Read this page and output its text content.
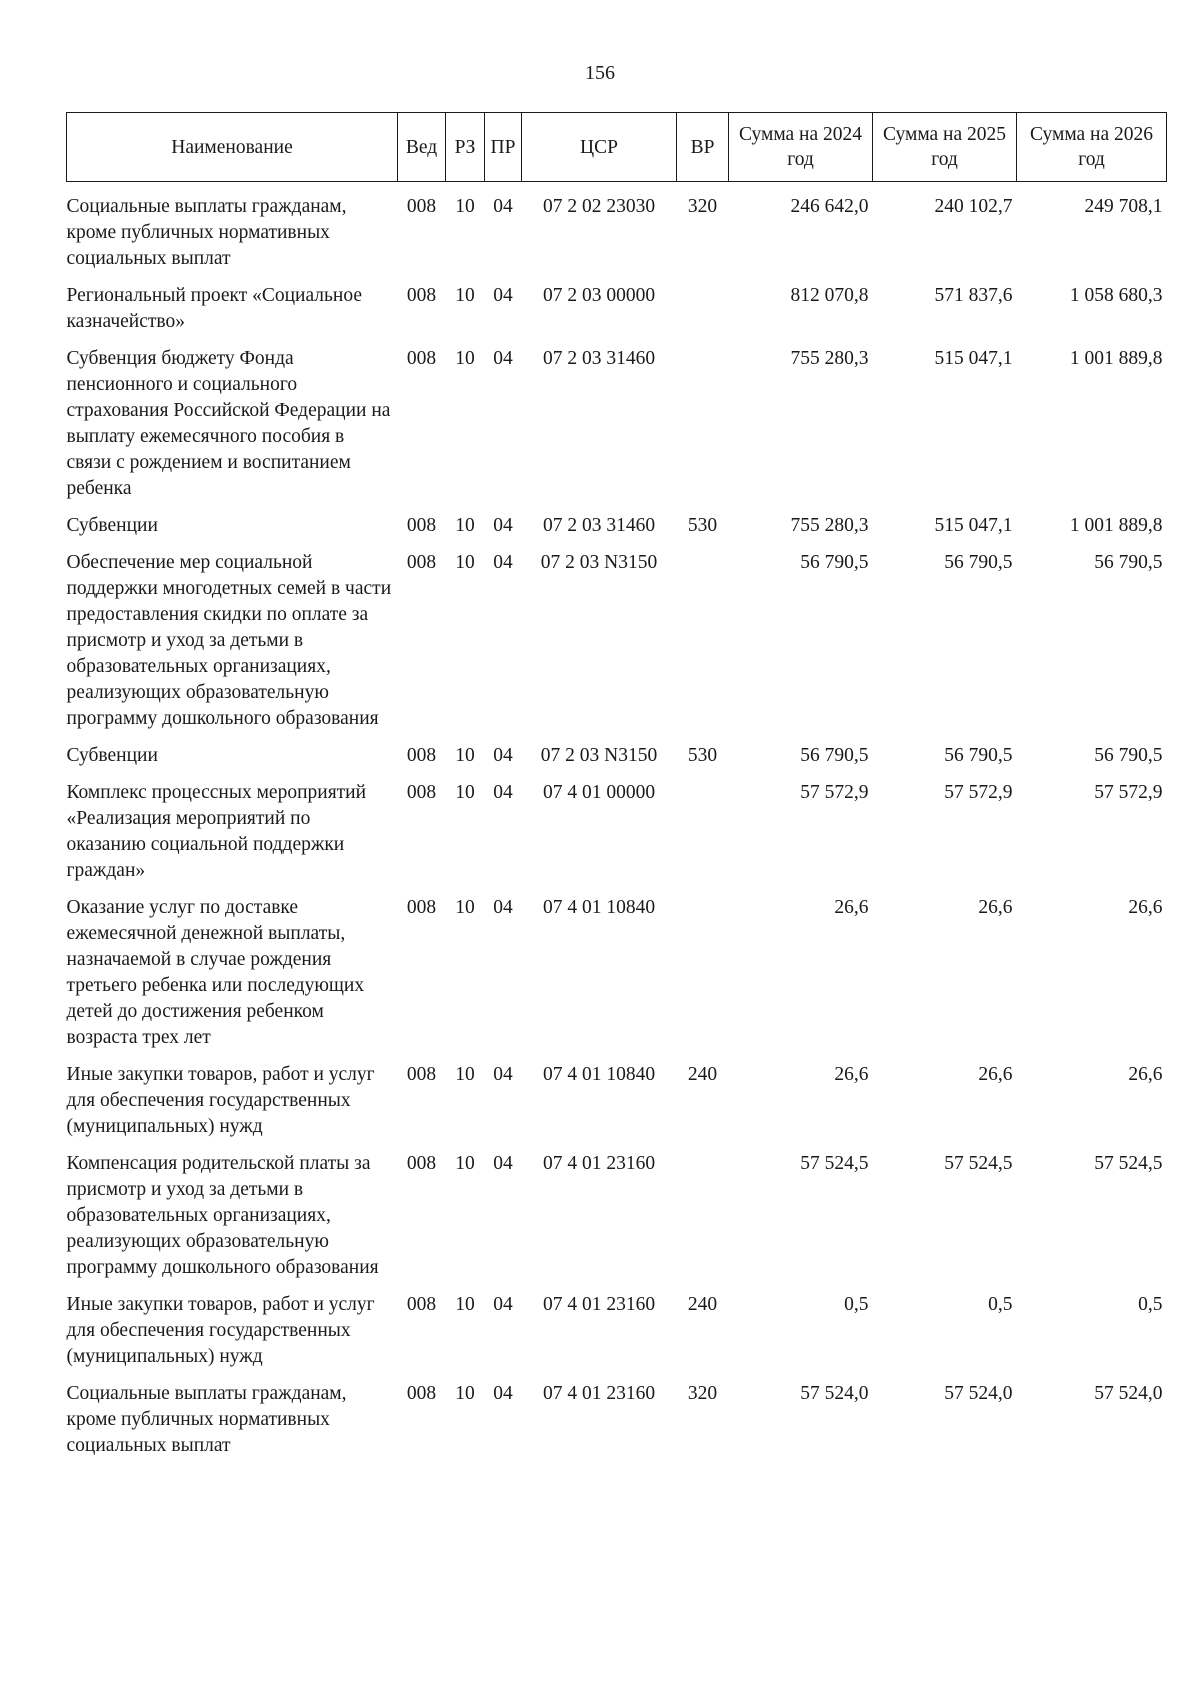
156
Наименование	Вед	РЗ	ПР	ЦСР	ВР	Сумма на 2024 год	Сумма на 2025 год	Сумма на 2026 год
Социальные выплаты гражданам, кроме публичных нормативных социальных выплат	008	10	04	07 2 02 23030	320	246 642,0	240 102,7	249 708,1
Региональный проект «Социальное казначейство»	008	10	04	07 2 03 00000		812 070,8	571 837,6	1 058 680,3
Субвенция бюджету Фонда пенсионного и социального страхования Российской Федерации на выплату ежемесячного пособия в связи с рождением и воспитанием ребенка	008	10	04	07 2 03 31460		755 280,3	515 047,1	1 001 889,8
Субвенции	008	10	04	07 2 03 31460	530	755 280,3	515 047,1	1 001 889,8
Обеспечение мер социальной поддержки многодетных семей в части предоставления скидки по оплате за присмотр и уход за детьми в образовательных организациях, реализующих образовательную программу дошкольного образования	008	10	04	07 2 03 N3150		56 790,5	56 790,5	56 790,5
Субвенции	008	10	04	07 2 03 N3150	530	56 790,5	56 790,5	56 790,5
Комплекс процессных мероприятий «Реализация мероприятий по оказанию социальной поддержки граждан»	008	10	04	07 4 01 00000		57 572,9	57 572,9	57 572,9
Оказание услуг по доставке ежемесячной денежной выплаты, назначаемой в случае рождения третьего ребенка или последующих детей до достижения ребенком возраста трех лет	008	10	04	07 4 01 10840		26,6	26,6	26,6
Иные закупки товаров, работ и услуг для обеспечения государственных (муниципальных) нужд	008	10	04	07 4 01 10840	240	26,6	26,6	26,6
Компенсация родительской платы за присмотр и уход за детьми в образовательных организациях, реализующих образовательную программу дошкольного образования	008	10	04	07 4 01 23160		57 524,5	57 524,5	57 524,5
Иные закупки товаров, работ и услуг для обеспечения государственных (муниципальных) нужд	008	10	04	07 4 01 23160	240	0,5	0,5	0,5
Социальные выплаты гражданам, кроме публичных нормативных социальных выплат	008	10	04	07 4 01 23160	320	57 524,0	57 524,0	57 524,0
